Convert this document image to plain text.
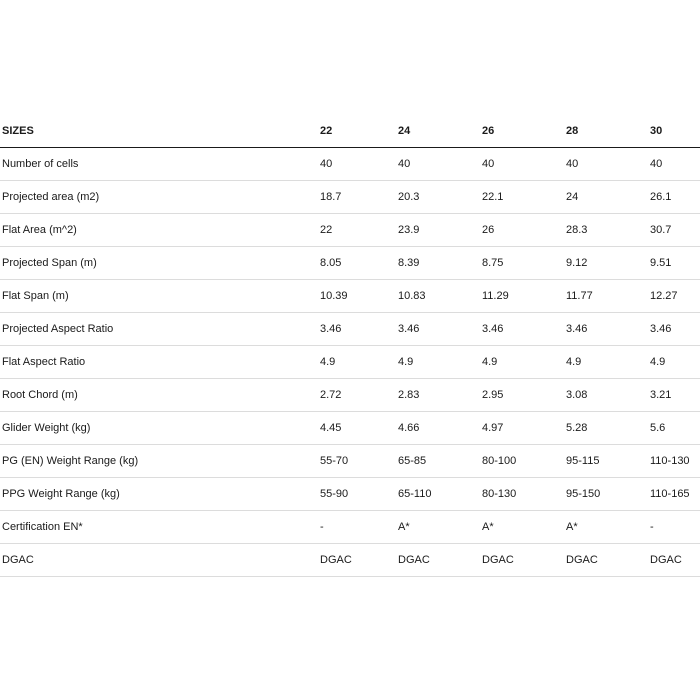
SIZES	22	24	26	28	30
Number of cells	40	40	40	40	40
Projected area (m2)	18.7	20.3	22.1	24	26.1
Flat Area (m^2)	22	23.9	26	28.3	30.7
Projected Span (m)	8.05	8.39	8.75	9.12	9.51
Flat Span (m)	10.39	10.83	11.29	11.77	12.27
Projected Aspect Ratio	3.46	3.46	3.46	3.46	3.46
Flat Aspect Ratio	4.9	4.9	4.9	4.9	4.9
Root Chord (m)	2.72	2.83	2.95	3.08	3.21
Glider Weight (kg)	4.45	4.66	4.97	5.28	5.6
PG (EN) Weight Range (kg)	55-70	65-85	80-100	95-115	110-130
PPG Weight Range (kg)	55-90	65-110	80-130	95-150	110-165
Certification EN*	-	A*	A*	A*	-
DGAC	DGAC	DGAC	DGAC	DGAC	DGAC
